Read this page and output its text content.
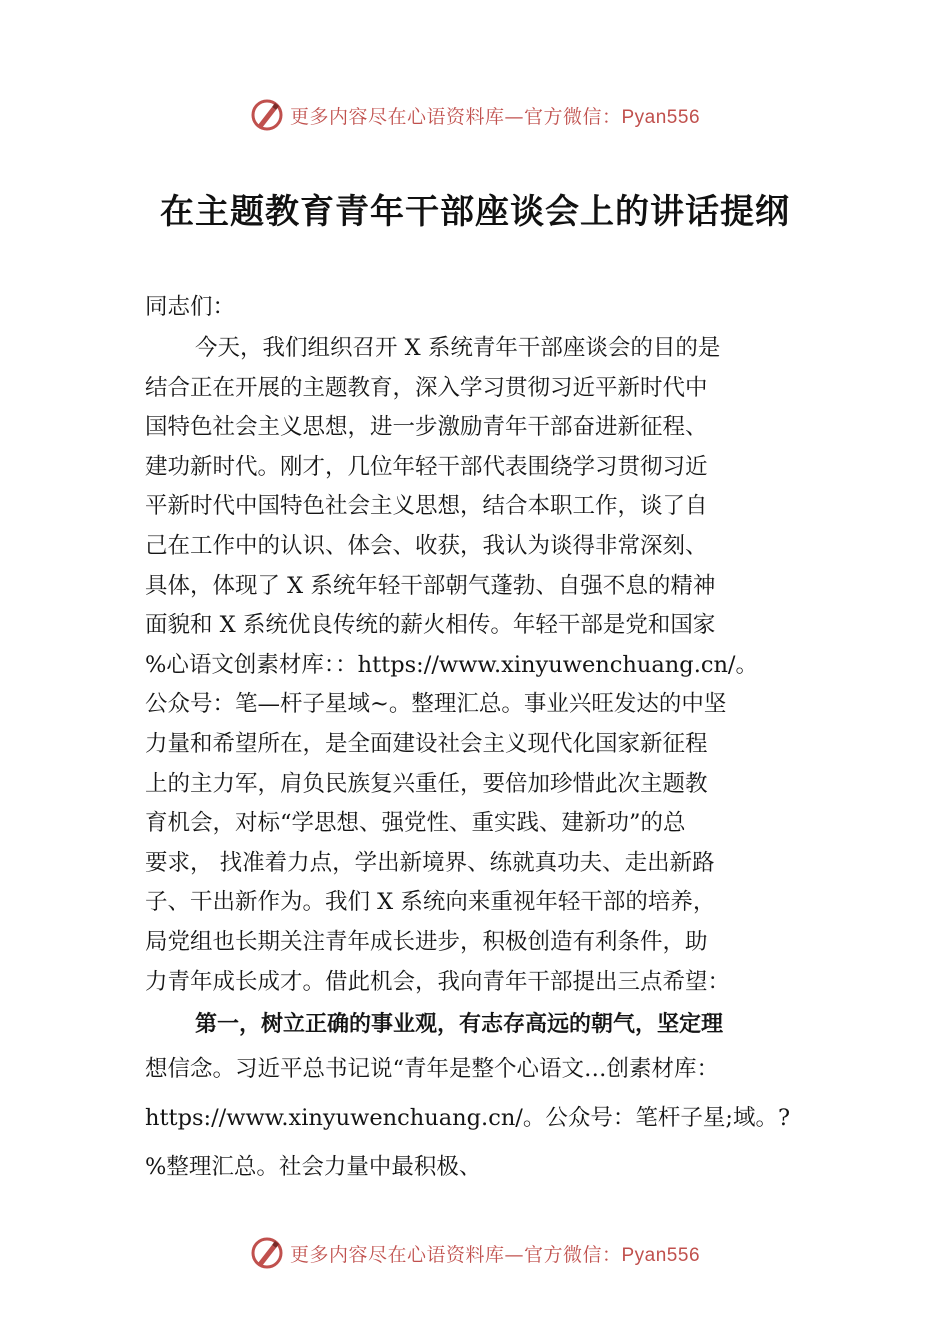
更多内容尽在心语资料库—官方微信：Pyan556
在主题教育青年干部座谈会上的讲话提纲
同志们：
今天，我们组织召开 X 系统青年干部座谈会的目的是
结合正在开展的主题教育，深入学习贯彻习近平新时代中
国特色社会主义思想，进一步激励青年干部奋进新征程、
建功新时代。刚才，几位年轻干部代表围绕学习贯彻习近
平新时代中国特色社会主义思想，结合本职工作，谈了自
己在工作中的认识、体会、收获，我认为谈得非常深刻、
具体，体现了 X 系统年轻干部朝气蓬勃、自强不息的精神
面貌和 X 系统优良传统的薪火相传。年轻干部是党和国家
%心语文创素材库：：https://www.xinyuwenchuang.cn/。
公众号：笔—杆子星域~。整理汇总。事业兴旺发达的中坚
力量和希望所在，是全面建设社会主义现代化国家新征程
上的主力军，肩负民族复兴重任，要倍加珍惜此次主题教
育机会，对标“学思想、强党性、重实践、建新功”的总
要求， 找准着力点，学出新境界、练就真功夫、走出新路
子、干出新作为。我们 X 系统向来重视年轻干部的培养，
局党组也长期关注青年成长进步，积极创造有利条件，助
力青年成长成才。借此机会，我向青年干部提出三点希望：
第一，树立正确的事业观，有志存高远的朝气，坚定理
想信念。习近平总书记说“青年是整个心语文…创素材库：
https://www.xinyuwenchuang.cn/。公众号：笔杆子星;域。?
%整理汇总。社会力量中最积极、
更多内容尽在心语资料库—官方微信：Pyan556
